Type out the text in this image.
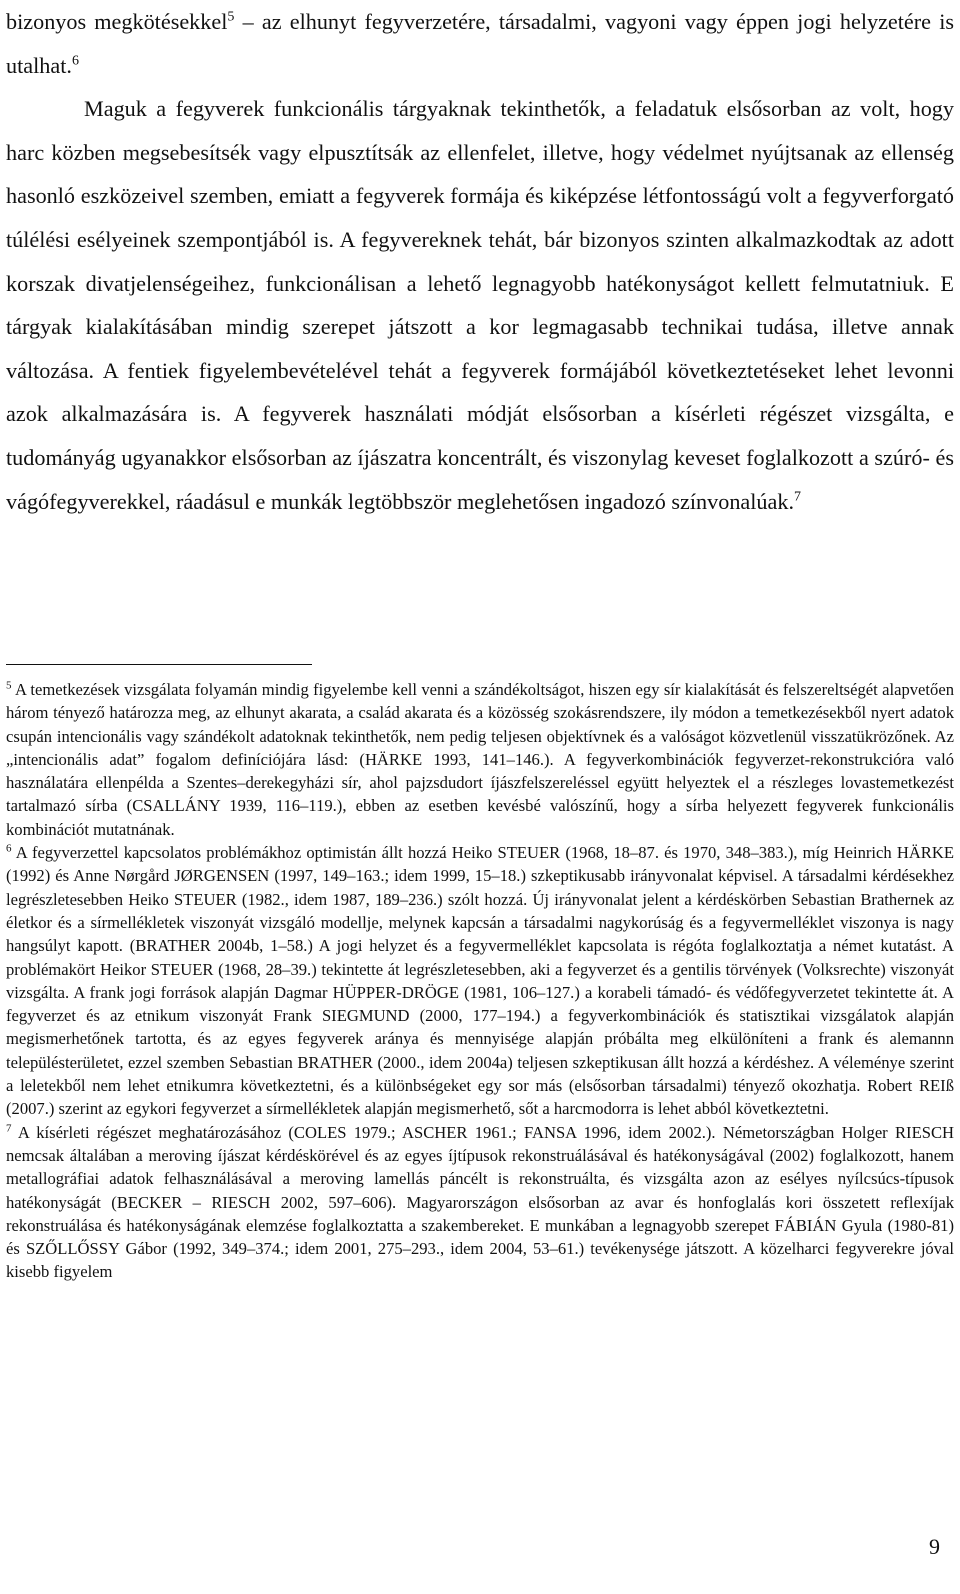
bizonyos megkötésekkel$^5$ – az elhunyt fegyverzetére, társadalmi, vagyoni vagy éppen jogi helyzetére is utalhat.$^6$

Maguk a fegyverek funkcionális tárgyaknak tekinthetők, a feladatuk elsősorban az volt, hogy harc közben megsebesítsék vagy elpusztítsák az ellenfelet, illetve, hogy védelmet nyújtsanak az ellenség hasonló eszközeivel szemben, emiatt a fegyverek formája és kiképzése létfontosságú volt a fegyverforgató túlélési esélyeinek szempontjából is. A fegyvereknek tehát, bár bizonyos szinten alkalmazkodtak az adott korszak divatjelenségeihez, funkcionálisan a lehető legnagyobb hatékonyságot kellett felmutatniuk. E tárgyak kialakításában mindig szerepet játszott a kor legmagasabb technikai tudása, illetve annak változása. A fentiek figyelembevételével tehát a fegyverek formájából következtetéseket lehet levonni azok alkalmazására is. A fegyverek használati módját elsősorban a kísérleti régészet vizsgálta, e tudományág ugyanakkor elsősorban az íjászatra koncentrált, és viszonylag keveset foglalkozott a szúró- és vágófegyverekkel, ráadásul e munkák legtöbbször meglehetősen ingadozó színvonalúak.$^7$

$^5$ A temetkezések vizsgálata folyamán mindig figyelembe kell venni a szándékoltságot, hiszen egy sír kialakítását és felszereltségét alapvetően három tényező határozza meg, az elhunyt akarata, a család akarata és a közösség szokásrendszere, ily módon a temetkezésekből nyert adatok csupán intencionális vagy szándékolt adatoknak tekinthetők, nem pedig teljesen objektívnek és a valóságot közvetlenül visszatükrözőnek. Az „intencionális adat” fogalom definíciójára lásd: (HÄRKE 1993, 141–146.). A fegyverkombinációk fegyverzet-rekonstrukcióra való használatára ellenpélda a Szentes–derekegyházi sír, ahol pajzsdudort íjászfelszereléssel együtt helyeztek el a részleges lovastemetkezést tartalmazó sírba (CSALLÁNY 1939, 116–119.), ebben az esetben kevésbé valószínű, hogy a sírba helyezett fegyverek funkcionális kombinációt mutatnának.

$^6$ A fegyverzettel kapcsolatos problémákhoz optimistán állt hozzá Heiko STEUER (1968, 18–87. és 1970, 348–383.), míg Heinrich HÄRKE (1992) és Anne Nørgård JØRGENSEN (1997, 149–163.; idem 1999, 15–18.) szkeptikusabb irányvonalat képvisel. A társadalmi kérdésekhez legrészletesebben Heiko STEUER (1982., idem 1987, 189–236.) szólt hozzá. Új irányvonalat jelent a kérdéskörben Sebastian Brathernek az életkor és a sírmellékletek viszonyát vizsgáló modellje, melynek kapcsán a társadalmi nagykorúság és a fegyvermelléklet viszonya is nagy hangsúlyt kapott. (BRATHER 2004b, 1–58.) A jogi helyzet és a fegyvermelléklet kapcsolata is régóta foglalkoztatja a német kutatást. A problémakört Heikor STEUER (1968, 28–39.) tekintette át legrészletesebben, aki a fegyverzet és a gentilis törvények (Volksrechte) viszonyát vizsgálta. A frank jogi források alapján Dagmar HÜPPER-DRÖGE (1981, 106–127.) a korabeli támadó- és védőfegyverzetet tekintette át. A fegyverzet és az etnikum viszonyát Frank SIEGMUND (2000, 177–194.) a fegyverkombinációk és statisztikai vizsgálatok alapján megismerhetőnek tartotta, és az egyes fegyverek aránya és mennyisége alapján próbálta meg elkülöníteni a frank és alemannn településterületet, ezzel szemben Sebastian BRATHER (2000., idem 2004a) teljesen szkeptikusan állt hozzá a kérdéshez. A véleménye szerint a leletekből nem lehet etnikumra következtetni, és a különbségeket egy sor más (elsősorban társadalmi) tényező okozhatja. Robert REIß (2007.) szerint az egykori fegyverzet a sírmellékletek alapján megismerhető, sőt a harcmodorra is lehet abból következtetni.

$^7$ A kísérleti régészet meghatározásához (COLES 1979.; ASCHER 1961.; FANSA 1996, idem 2002.). Németországban Holger RIESCH nemcsak általában a meroving íjászat kérdéskörével és az egyes íjtípusok rekonstruálásával és hatékonyságával (2002) foglalkozott, hanem metallográfiai adatok felhasználásával a meroving lamellás páncélt is rekonstruálta, és vizsgálta azon az esélyes nyílcsúcs-típusok hatékonyságát (BECKER – RIESCH 2002, 597–606). Magyarországon elsősorban az avar és honfoglalás kori összetett reflexíjak rekonstruálása és hatékonyságának elemzése foglalkoztatta a szakembereket. E munkában a legnagyobb szerepet FÁBIÁN Gyula (1980-81) és SZŐLLŐSSY Gábor (1992, 349–374.; idem 2001, 275–293., idem 2004, 53–61.) tevékenysége játszott. A közelharci fegyverekre jóval kisebb figyelem

9
